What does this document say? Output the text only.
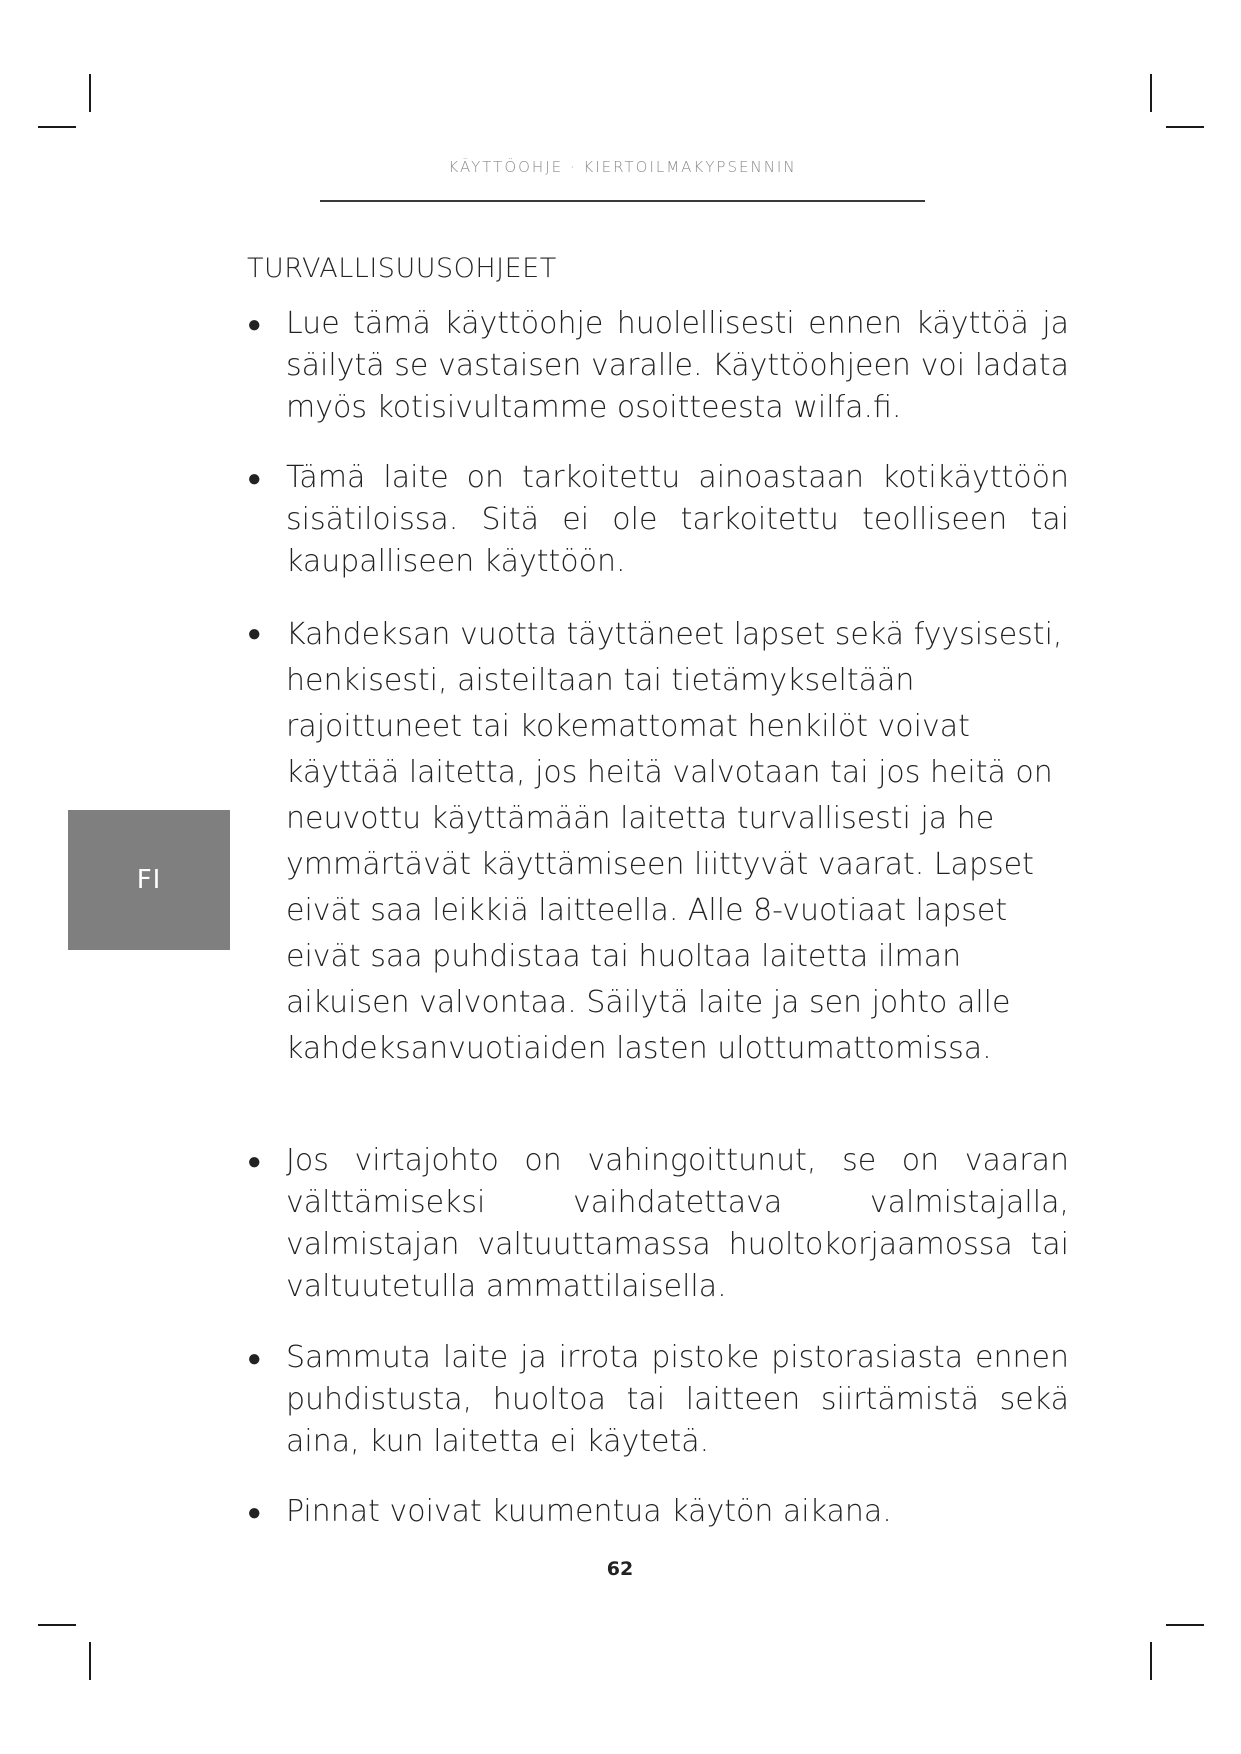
KÄYTTÖOHJE · KIERTOILMAKYPSENNIN
FI
TURVALLISUUSOHJEET
● Lue tämä käyttöohje huolellisesti ennen käyttöä ja säilytä se vastaisen varalle. Käyttöohjeen voi ladata myös kotisivultamme osoitteesta wilfa.fi.
● Tämä laite on tarkoitettu ainoastaan kotikäyttöön sisätiloissa. Sitä ei ole tarkoitettu teolliseen tai kaupalliseen käyttöön.
● Kahdeksan vuotta täyttäneet lapset sekä fyysisesti, henkisesti, aisteiltaan tai tietämykseltään rajoittuneet tai kokemattomat henkilöt voivat käyttää laitetta, jos heitä valvotaan tai jos heitä on neuvottu käyttämään laitetta turvallisesti ja he ymmärtävät käyttämiseen liittyvät vaarat. Lapset eivät saa leikkiä laitteella. Alle 8-vuotiaat lapset eivät saa puhdistaa tai huoltaa laitetta ilman aikuisen valvontaa. Säilytä laite ja sen johto alle kahdeksanvuotiaiden lasten ulottumattomissa.
● Jos virtajohto on vahingoittunut, se on vaaran välttämiseksi vaihdatettava valmistajalla, valmistajan valtuuttamassa huoltokorjaamossa tai valtuutetulla ammattilaisella.
● Sammuta laite ja irrota pistoke pistorasiasta ennen puhdistusta, huoltoa tai laitteen siirtämistä sekä aina, kun laitetta ei käytetä.
● Pinnat voivat kuumentua käytön aikana.
62
